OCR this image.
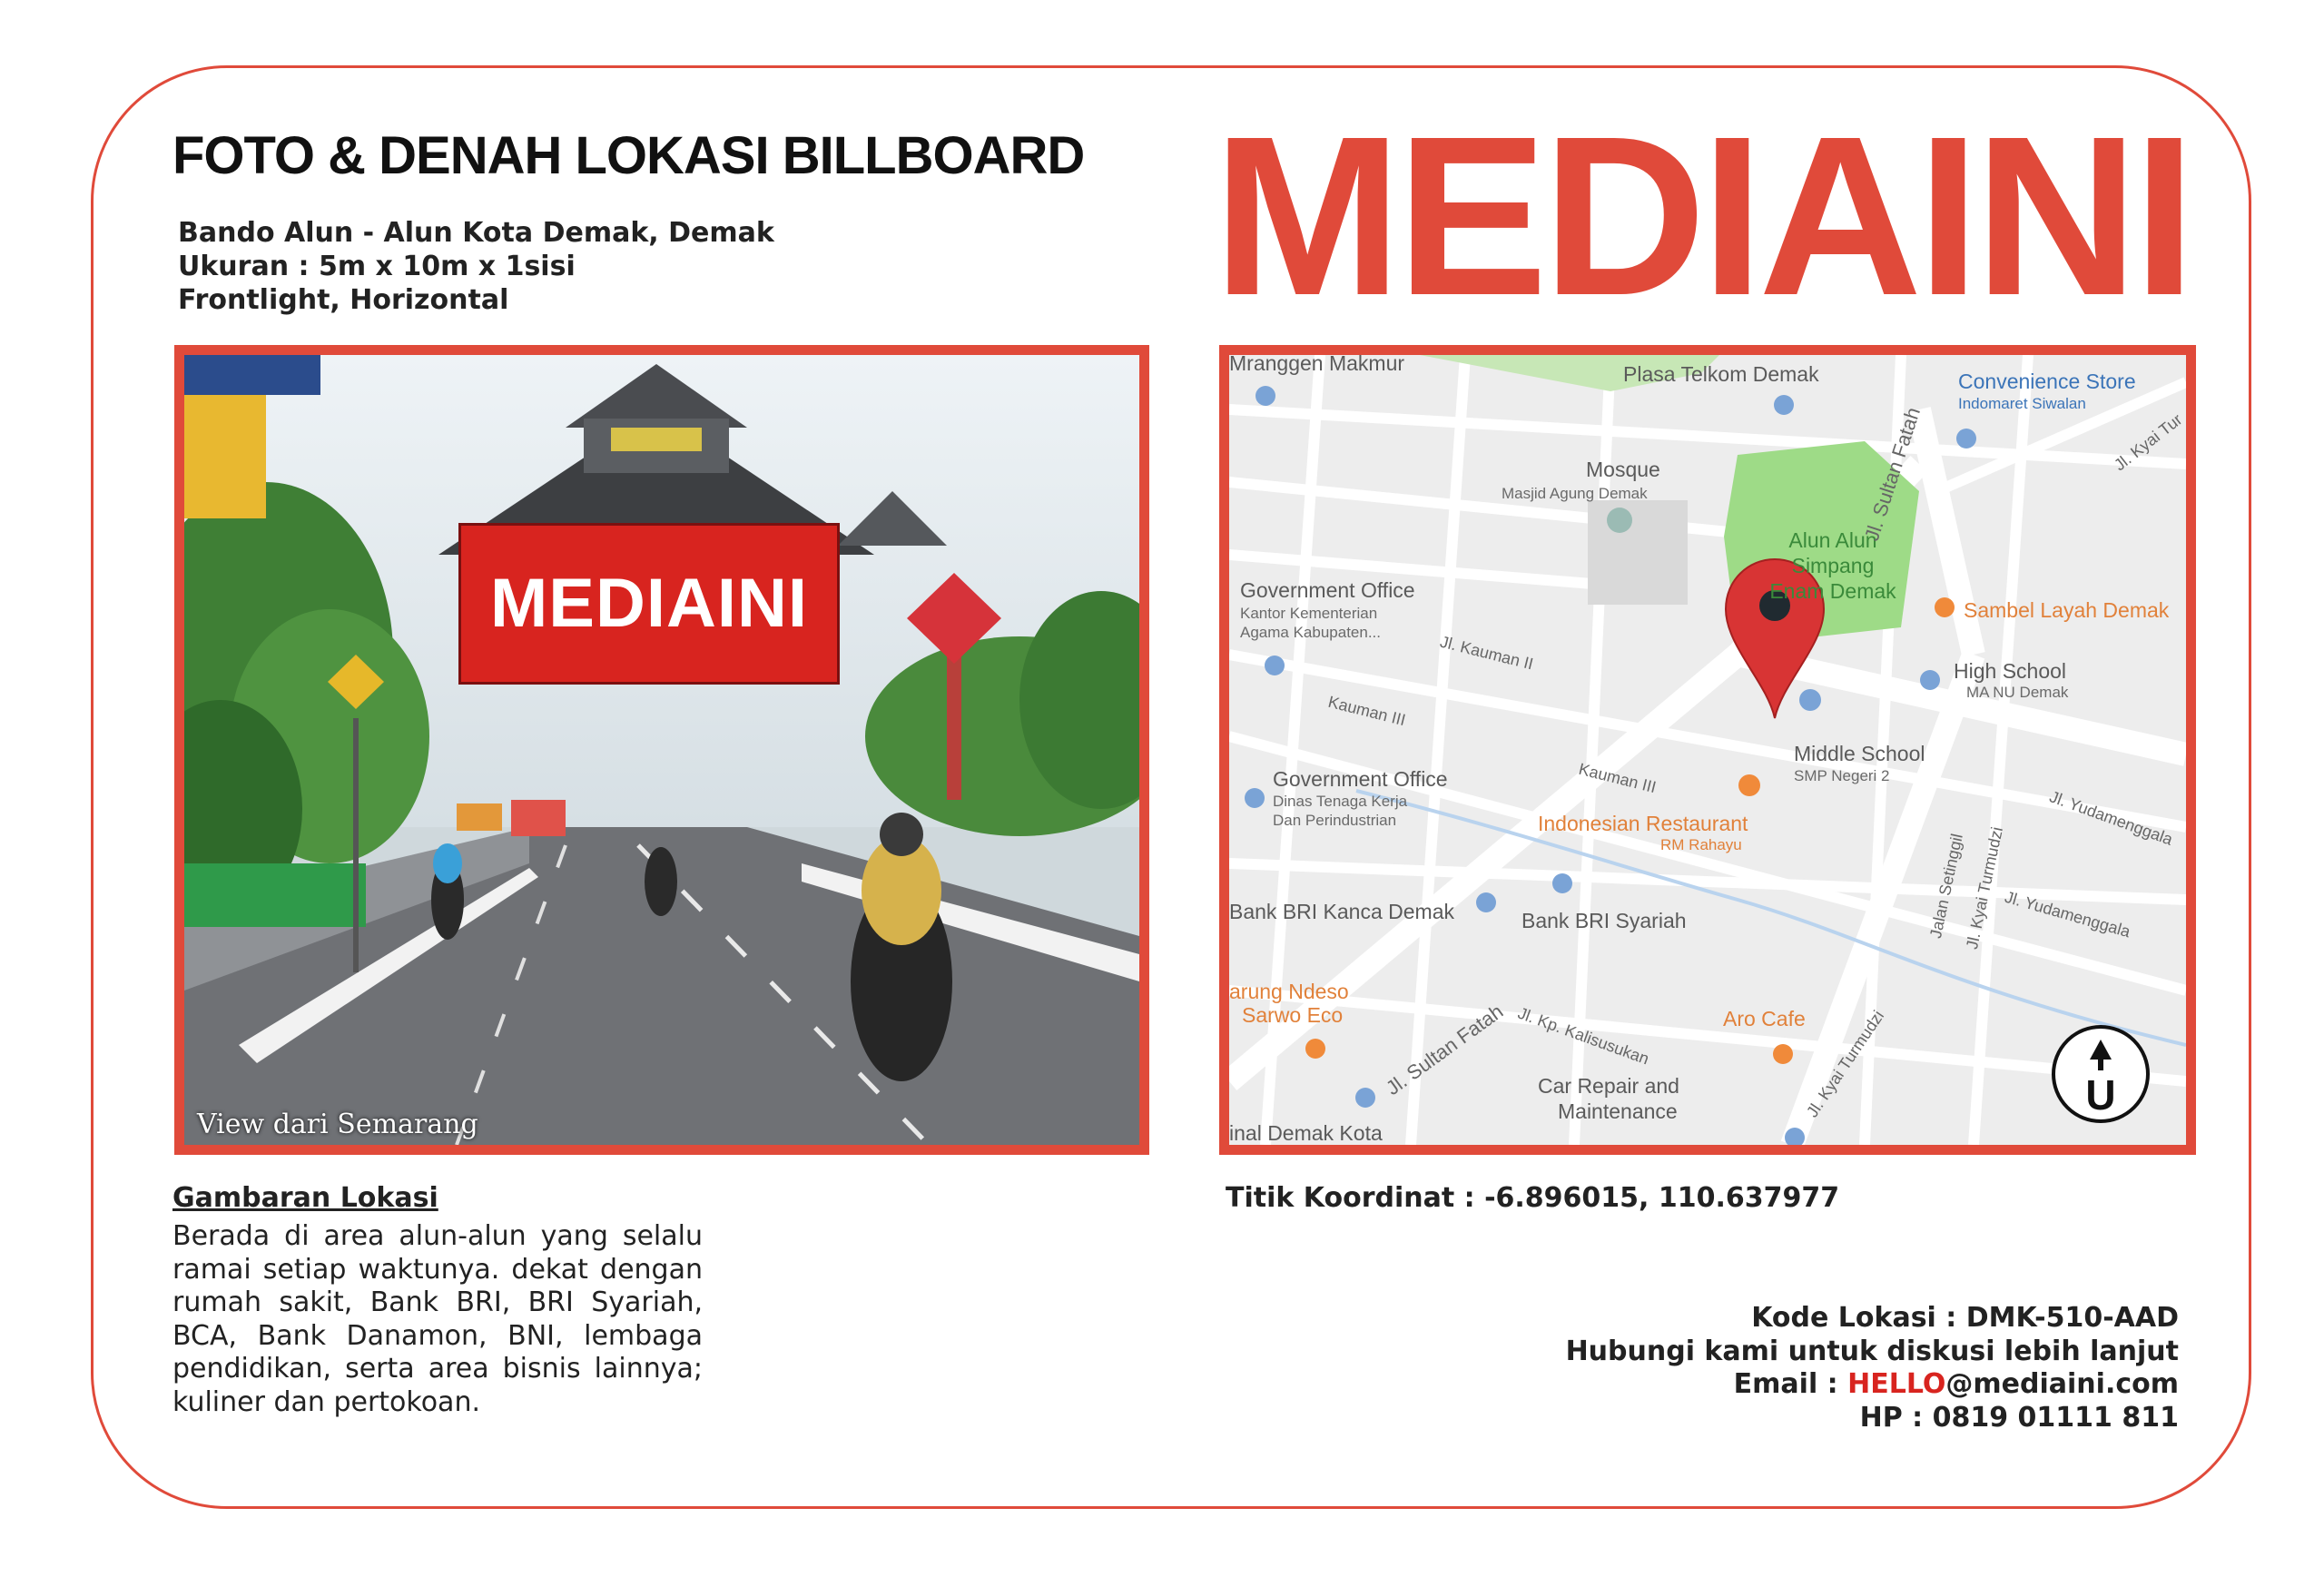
FOTO & DENAH LOKASI BILLBOARD
Bando Alun - Alun Kota Demak, Demak
Ukuran : 5m x 10m x 1sisi
Frontlight, Horizontal	MEDIAINI
MEDIAINI
View dari Semarang
Mranggen Makmur	Plasa Telkom Demak	Convenience Store
Indomaret Siwalan
Jl. Kyai Tur
Mosque
Masjid Agung Demak
Alun Alun
Simpang
Enam Demak
Jl. Sultan Fatah
Sambel Layah Demak
Government Office
Kantor Kementerian
Agama Kabupaten...
High School
MA NU Demak
Jl. Kauman II
Kauman III
Middle School
SMP Negeri 2
Government Office
Dinas Tenaga Kerja
Dan Perindustrian
Kauman III
Jl. Yudamenggala
Indonesian Restaurant
RM Rahayu	Jalan Setinggil
Jl. Kyai Turmudzi
Bank BRI Kanca Demak	Bank BRI Syariah	Jl. Yudamenggala
arung Ndeso
Sarwo Eco Jl. Sultan Fatah	Aro Cafe
Jl. Kp. Kalisusukan	Jl. Kyai Turmudzi
Car Repair and
Maintenance
inal Demak Kota
U
Titik Koordinat : -6.896015, 110.637977
Gambaran Lokasi
Berada di area alun-alun yang selalu ramai setiap waktunya. dekat dengan rumah sakit, Bank BRI, BRI Syariah, BCA, Bank Danamon, BNI, lembaga pendidikan, serta area bisnis lainnya; kuliner dan pertokoan.
Kode Lokasi : DMK-510-AAD
Hubungi kami untuk diskusi lebih lanjut
Email : HELLO@mediaini.com
HP : 0819 01111 811
